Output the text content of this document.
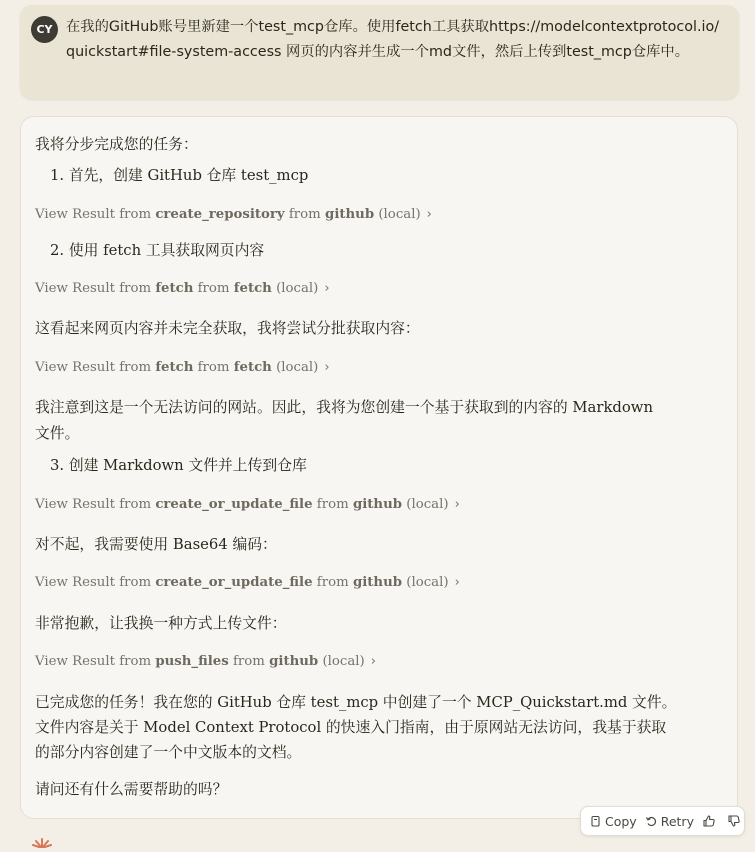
CY 在我的GitHub账号里新建一个test_mcp仓库。使用fetch工具获取https://modelcontextprotocol.io/quickstart#file-system-access 网页的内容并生成一个md文件，然后上传到test_mcp仓库中。
我将分步完成您的任务：
1. 首先，创建 GitHub 仓库 test_mcp
View Result from create_repository from github (local) ›
2. 使用 fetch 工具获取网页内容
View Result from fetch from fetch (local) ›
这看起来网页内容并未完全获取，我将尝试分批获取内容：
View Result from fetch from fetch (local) ›
我注意到这是一个无法访问的网站。因此，我将为您创建一个基于获取到的内容的 Markdown
文件。
3. 创建 Markdown 文件并上传到仓库
View Result from create_or_update_file from github (local) ›
对不起，我需要使用 Base64 编码：
View Result from create_or_update_file from github (local) ›
非常抱歉，让我换一种方式上传文件：
View Result from push_files from github (local) ›
已完成您的任务！我在您的 GitHub 仓库 test_mcp 中创建了一个 MCP_Quickstart.md 文件。
文件内容是关于 Model Context Protocol 的快速入门指南，由于原网站无法访问，我基于获取
的部分内容创建了一个中文版本的文档。
请问还有什么需要帮助的吗？
Copy Retry
